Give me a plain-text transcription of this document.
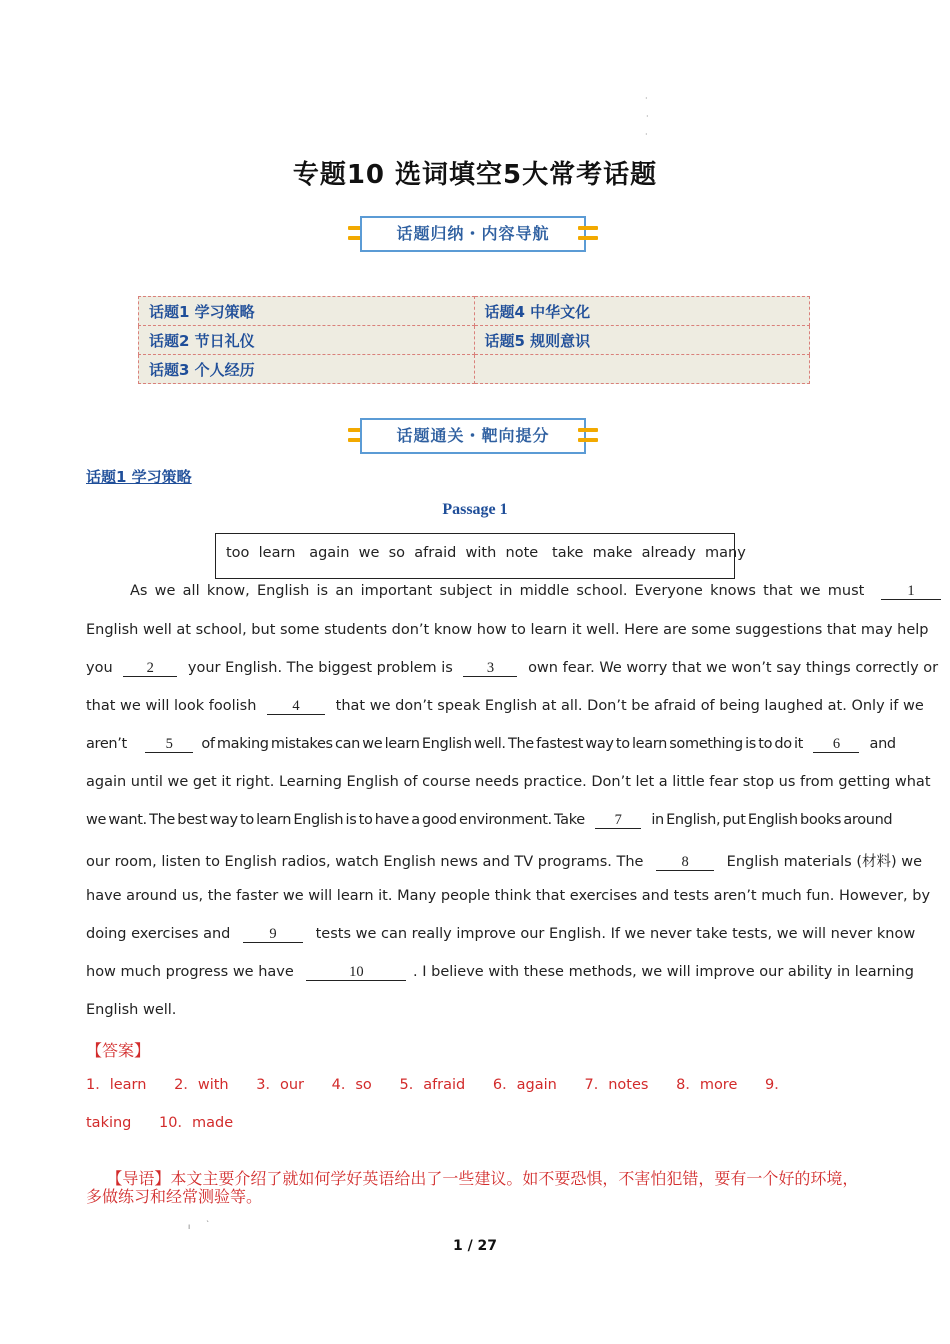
·
·
·
专题10 选词填空5大常考话题
话题归纳・内容导航
话题1 学习策略	话题4 中华文化
话题2 节日礼仪	话题5 规则意识
话题3 个人经历	
话题通关・靶向提分
话题1 学习策略
Passage 1
too  learn   again  we  so  afraid  with  note   take  make  already  many
As we all know, English is an important subject in middle school. Everyone knows that we must	1
English well at school, but some students don’t know how to learn it well. Here are some suggestions that may help
you 2 your English. The biggest problem is 3 own fear. We worry that we won’t say things correctly or
that we will look foolish 4 that we don’t speak English at all. Don’t be afraid of being laughed at. Only if we
aren’t	5 of making mistakes can we learn English well. The fastest way to learn something is to do it 6 and
again until we get it right. Learning English of course needs practice. Don’t let a little fear stop us from getting what
we want. The best way to learn English is to have a good environment. Take 7 in English, put English books around
our room, listen to English radios, watch English news and TV programs. The	8	English materials (材料) we
have around us, the faster we will learn it. Many people think that exercises and tests aren’t much fun. However, by
doing exercises and	9	tests we can really improve our English. If we never take tests, we will never know
how much progress we have	10	. I believe with these methods, we will improve our ability in learning
English well.
【答案】
1．learn      2．with      3．our      4．so      5．afraid      6．again      7．notes      8．more      9．
taking      10．made

【导语】本文主要介绍了就如何学好英语给出了一些建议。如不要恐惧，不害怕犯错，要有一个好的环境，

多做练习和经常测验等。
ı `
1 / 27
